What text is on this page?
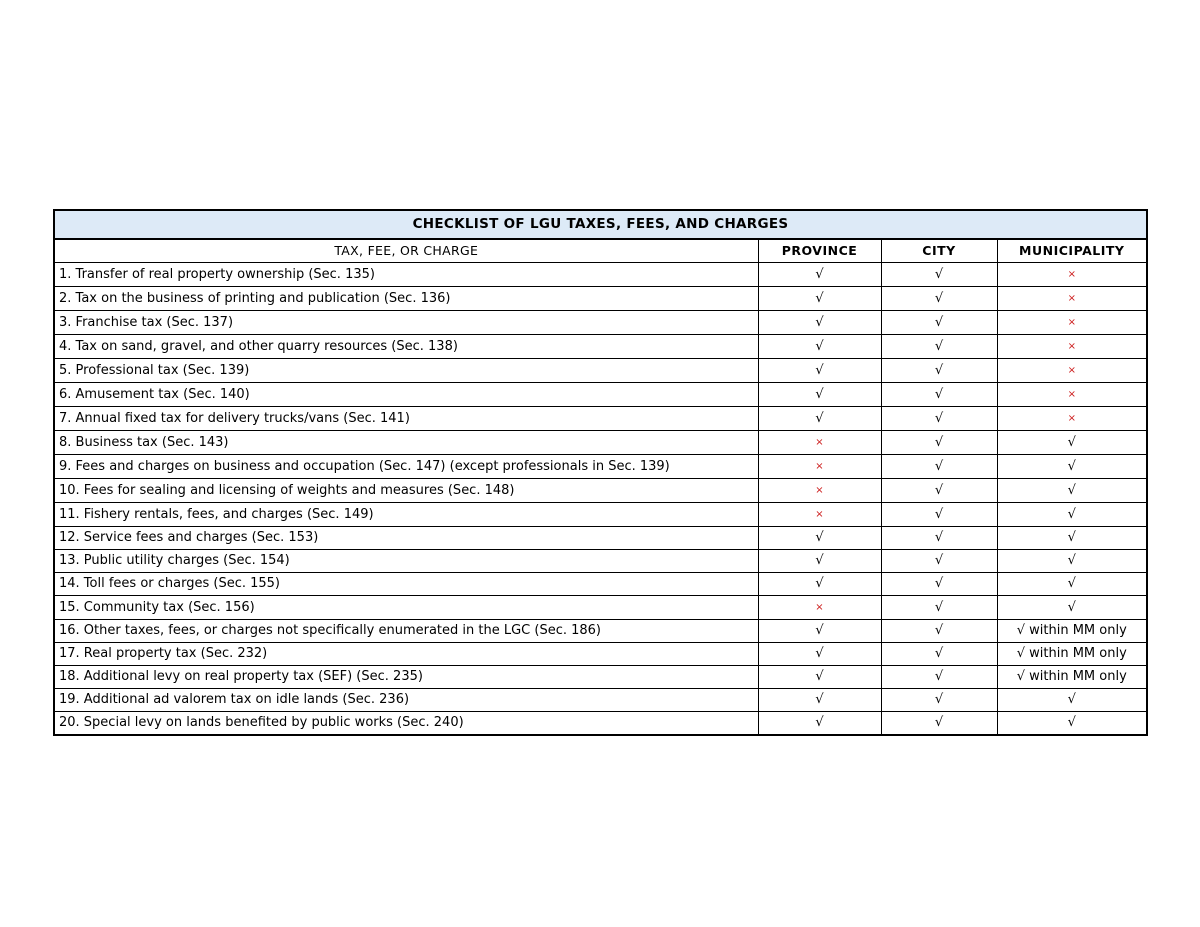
CHECKLIST OF LGU TAXES, FEES, AND CHARGES			
TAX, FEE, OR CHARGE	PROVINCE	CITY	MUNICIPALITY
1. Transfer of real property ownership (Sec. 135)	√	√	×
2. Tax on the business of printing and publication (Sec. 136)	√	√	×
3. Franchise tax (Sec. 137)	√	√	×
4. Tax on sand, gravel, and other quarry resources (Sec. 138)	√	√	×
5. Professional tax (Sec. 139)	√	√	×
6. Amusement tax (Sec. 140)	√	√	×
7. Annual fixed tax for delivery trucks/vans (Sec. 141)	√	√	×
8. Business tax (Sec. 143)	×	√	√
9. Fees and charges on business and occupation (Sec. 147) (except professionals in Sec. 139)	×	√	√
10. Fees for sealing and licensing of weights and measures (Sec. 148)	×	√	√
11. Fishery rentals, fees, and charges (Sec. 149)	×	√	√
12. Service fees and charges (Sec. 153)	√	√	√
13. Public utility charges (Sec. 154)	√	√	√
14. Toll fees or charges (Sec. 155)	√	√	√
15. Community tax (Sec. 156)	×	√	√
16. Other taxes, fees, or charges not specifically enumerated in the LGC (Sec. 186)	√	√	√ within MM only
17. Real property tax (Sec. 232)	√	√	√ within MM only
18. Additional levy on real property tax (SEF) (Sec. 235)	√	√	√ within MM only
19. Additional ad valorem tax on idle lands (Sec. 236)	√	√	√
20. Special levy on lands benefited by public works (Sec. 240)	√	√	√
